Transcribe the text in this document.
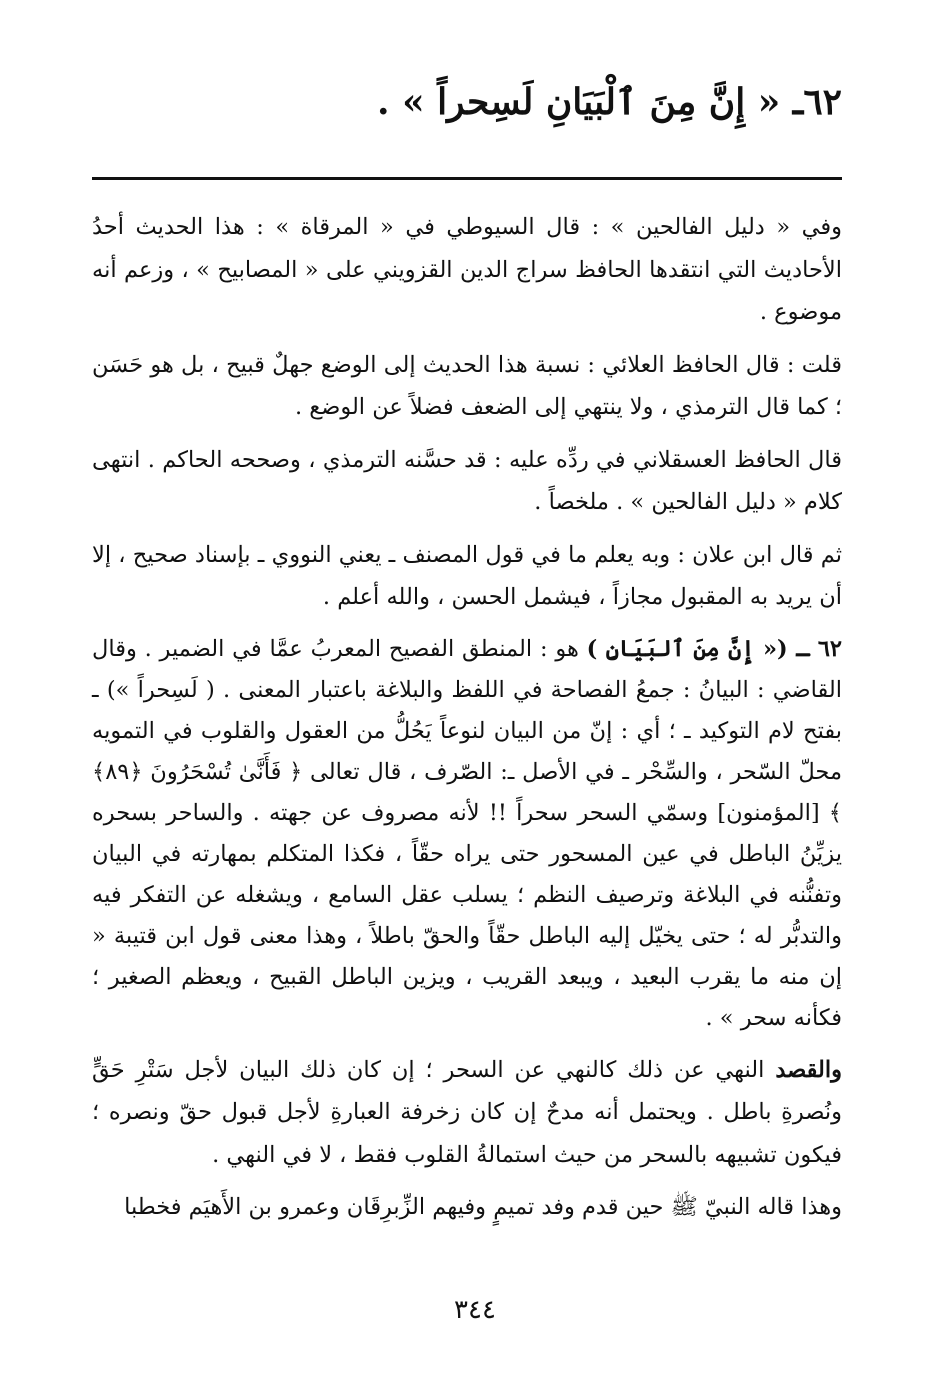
٦٢ـ « إِنَّ مِنَ ٱلْبَيَانِ لَسِحراً » .

وفي « دليل الفالحين » : قال السيوطي في « المرقاة » : هذا الحديث أحدُ الأحاديث التي انتقدها الحافظ سراج الدين القزويني على « المصابيح » ، وزعم أنه موضوع .

قلت : قال الحافظ العلائي : نسبة هذا الحديث إلى الوضع جهلٌ قبيح ، بل هو حَسَن ؛ كما قال الترمذي ، ولا ينتهي إلى الضعف فضلاً عن الوضع .

قال الحافظ العسقلاني في ردِّه عليه : قد حسَّنه الترمذي ، وصححه الحاكم . انتهى كلام « دليل الفالحين » . ملخصاً .

ثم قال ابن علان : وبه يعلم ما في قول المصنف ـ يعني النووي ـ بإسناد صحيح ، إلا أن يريد به المقبول مجازاً ، فيشمل الحسن ، والله أعلم .

٦٢ ـ (« إِنَّ مِنَ ٱلبَيَانِ ) هو : المنطق الفصيح المعربُ عمَّا في الضمير . وقال القاضي : البيانُ : جمعُ الفصاحة في اللفظ والبلاغة باعتبار المعنى . ( لَسِحراً ») ـ بفتح لام التوكيد ـ ؛ أي : إنّ من البيان لنوعاً يَحُلُّ من العقول والقلوب في التمويه محلّ السّحر ، والسِّحْر ـ في الأصل ـ: الصّرف ، قال تعالى ﴿ فَأَنَّىٰ تُسْحَرُونَ ﴿٨٩﴾ ﴾ [المؤمنون] وسمّي السحر سحراً !! لأنه مصروف عن جهته . والساحر بسحره يزيِّنُ الباطل في عين المسحور حتى يراه حقّاً ، فكذا المتكلم بمهارته في البيان وتفنُّنه في البلاغة وترصيف النظم ؛ يسلب عقل السامع ، ويشغله عن التفكر فيه والتدبُّر له ؛ حتى يخيّل إليه الباطل حقّاً والحقّ باطلاً ، وهذا معنى قول ابن قتيبة « إن منه ما يقرب البعيد ، ويبعد القريب ، ويزين الباطل القبيح ، ويعظم الصغير ؛ فكأنه سحر » .

والقصد النهي عن ذلك كالنهي عن السحر ؛ إن كان ذلك البيان لأجل سَتْرِ حَقٍّ ونُصرةِ باطل . ويحتمل أنه مدحٌ إن كان زخرفة العبارةِ لأجل قبول حقّ ونصره ؛ فيكون تشبيهه بالسحر من حيث استمالةُ القلوب فقط ، لا في النهي .

وهذا قاله النبيّ ﷺ حين قدم وفد تميمٍ وفيهم الزِّبرِقَان وعمرو بن الأَهيَم فخطبا

٣٤٤
